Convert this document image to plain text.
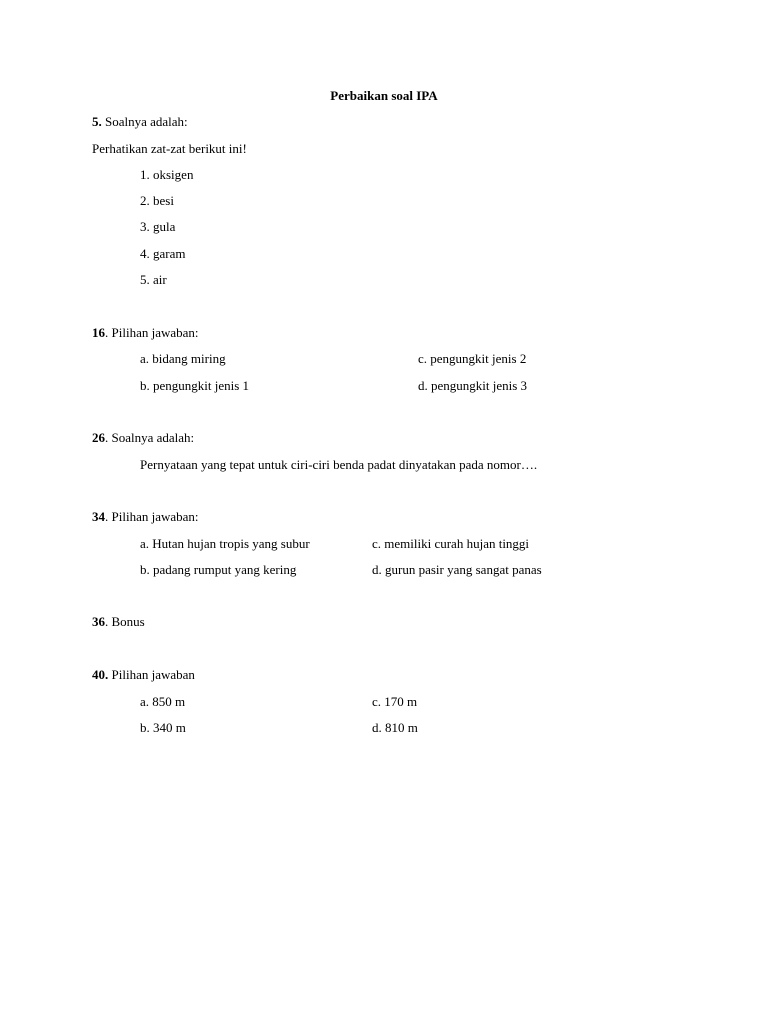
Perbaikan soal IPA
5. Soalnya adalah:
Perhatikan zat-zat berikut ini!
1. oksigen
2. besi
3. gula
4. garam
5. air
16. Pilihan jawaban:
a. bidang miring	c. pengungkit jenis 2
b. pengungkit jenis 1	d. pengungkit jenis 3
26. Soalnya adalah:
Pernyataan yang tepat untuk ciri-ciri benda padat dinyatakan pada nomor….
34. Pilihan jawaban:
a. Hutan hujan tropis yang subur	c. memiliki curah hujan tinggi
b. padang rumput yang kering	d. gurun pasir yang sangat panas
36. Bonus
40. Pilihan jawaban
a. 850 m	c. 170 m
b. 340 m	d. 810 m
